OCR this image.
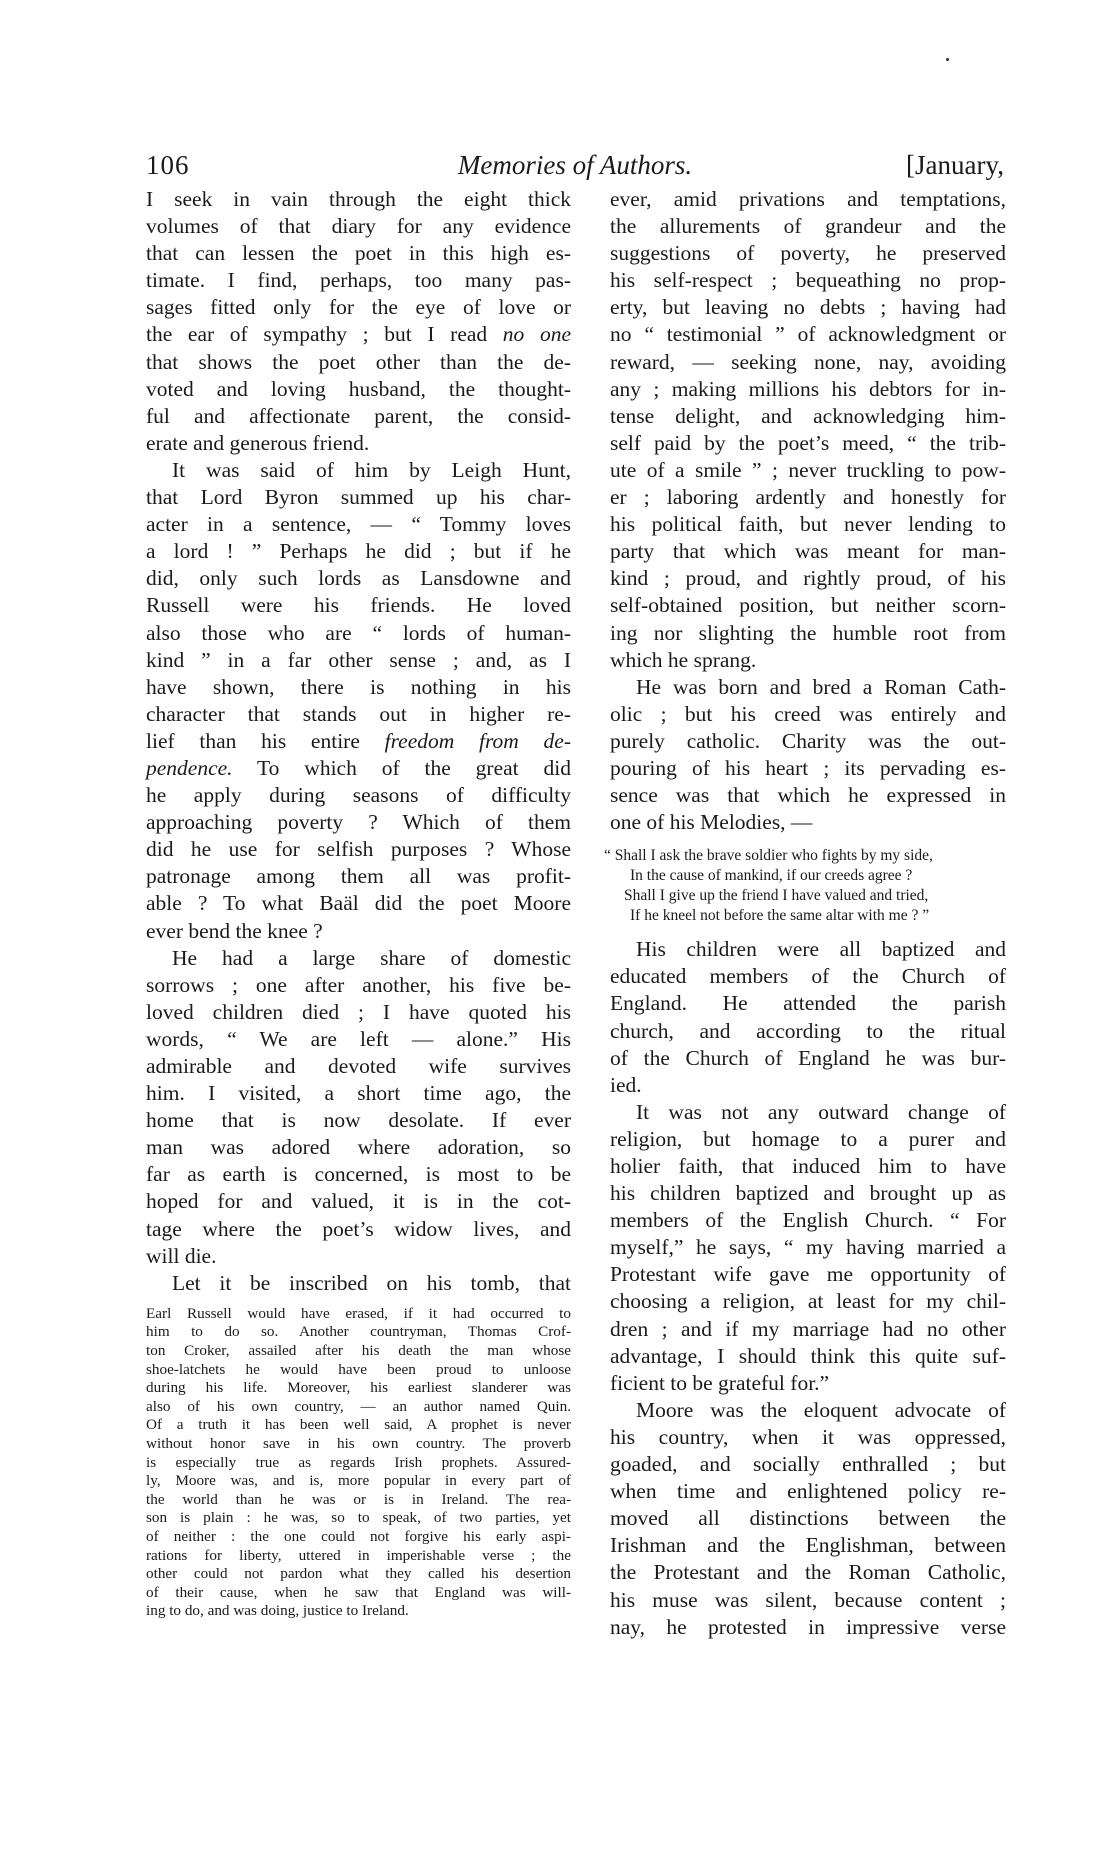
106	Memories of Authors.	[January,
I seek in vain through the eight thick
volumes of that diary for any evidence
that can lessen the poet in this high es-
timate. I find, perhaps, too many pas-
sages fitted only for the eye of love or
the ear of sympathy ; but I read no one
that shows the poet other than the de-
voted and loving husband, the thought-
ful and affectionate parent, the consid-
erate and generous friend.
It was said of him by Leigh Hunt,
that Lord Byron summed up his char-
acter in a sentence, — “ Tommy loves
a lord ! ” Perhaps he did ; but if he
did, only such lords as Lansdowne and
Russell were his friends. He loved
also those who are “ lords of human-
kind ” in a far other sense ; and, as I
have shown, there is nothing in his
character that stands out in higher re-
lief than his entire freedom from de-
pendence. To which of the great did
he apply during seasons of difficulty
approaching poverty ? Which of them
did he use for selfish purposes ? Whose
patronage among them all was profit-
able ? To what Baäl did the poet Moore
ever bend the knee ?
He had a large share of domestic
sorrows ; one after another, his five be-
loved children died ; I have quoted his
words, “ We are left — alone.” His
admirable and devoted wife survives
him. I visited, a short time ago, the
home that is now desolate. If ever
man was adored where adoration, so
far as earth is concerned, is most to be
hoped for and valued, it is in the cot-
tage where the poet’s widow lives, and
will die.
Let it be inscribed on his tomb, that
Earl Russell would have erased, if it had occurred to
him to do so. Another countryman, Thomas Crof-
ton Croker, assailed after his death the man whose
shoe-latchets he would have been proud to unloose
during his life. Moreover, his earliest slanderer was
also of his own country, — an author named Quin.
Of a truth it has been well said, A prophet is never
without honor save in his own country. The proverb
is especially true as regards Irish prophets. Assured-
ly, Moore was, and is, more popular in every part of
the world than he was or is in Ireland. The rea-
son is plain : he was, so to speak, of two parties, yet
of neither : the one could not forgive his early aspi-
rations for liberty, uttered in imperishable verse ; the
other could not pardon what they called his desertion
of their cause, when he saw that England was will-
ing to do, and was doing, justice to Ireland.
ever, amid privations and temptations,
the allurements of grandeur and the
suggestions of poverty, he preserved
his self-respect ; bequeathing no prop-
erty, but leaving no debts ; having had
no “ testimonial ” of acknowledgment or
reward, — seeking none, nay, avoiding
any ; making millions his debtors for in-
tense delight, and acknowledging him-
self paid by the poet’s meed, “ the trib-
ute of a smile ” ; never truckling to pow-
er ; laboring ardently and honestly for
his political faith, but never lending to
party that which was meant for man-
kind ; proud, and rightly proud, of his
self-obtained position, but neither scorn-
ing nor slighting the humble root from
which he sprang.
He was born and bred a Roman Cath-
olic ; but his creed was entirely and
purely catholic. Charity was the out-
pouring of his heart ; its pervading es-
sence was that which he expressed in
one of his Melodies, —
“ Shall I ask the brave soldier who fights by my side,
In the cause of mankind, if our creeds agree ?
Shall I give up the friend I have valued and tried,
If he kneel not before the same altar with me ? ”
His children were all baptized and
educated members of the Church of
England. He attended the parish
church, and according to the ritual
of the Church of England he was bur-
ied.
It was not any outward change of
religion, but homage to a purer and
holier faith, that induced him to have
his children baptized and brought up as
members of the English Church. “ For
myself,” he says, “ my having married a
Protestant wife gave me opportunity of
choosing a religion, at least for my chil-
dren ; and if my marriage had no other
advantage, I should think this quite suf-
ficient to be grateful for.”
Moore was the eloquent advocate of
his country, when it was oppressed,
goaded, and socially enthralled ; but
when time and enlightened policy re-
moved all distinctions between the
Irishman and the Englishman, between
the Protestant and the Roman Catholic,
his muse was silent, because content ;
nay, he protested in impressive verse
